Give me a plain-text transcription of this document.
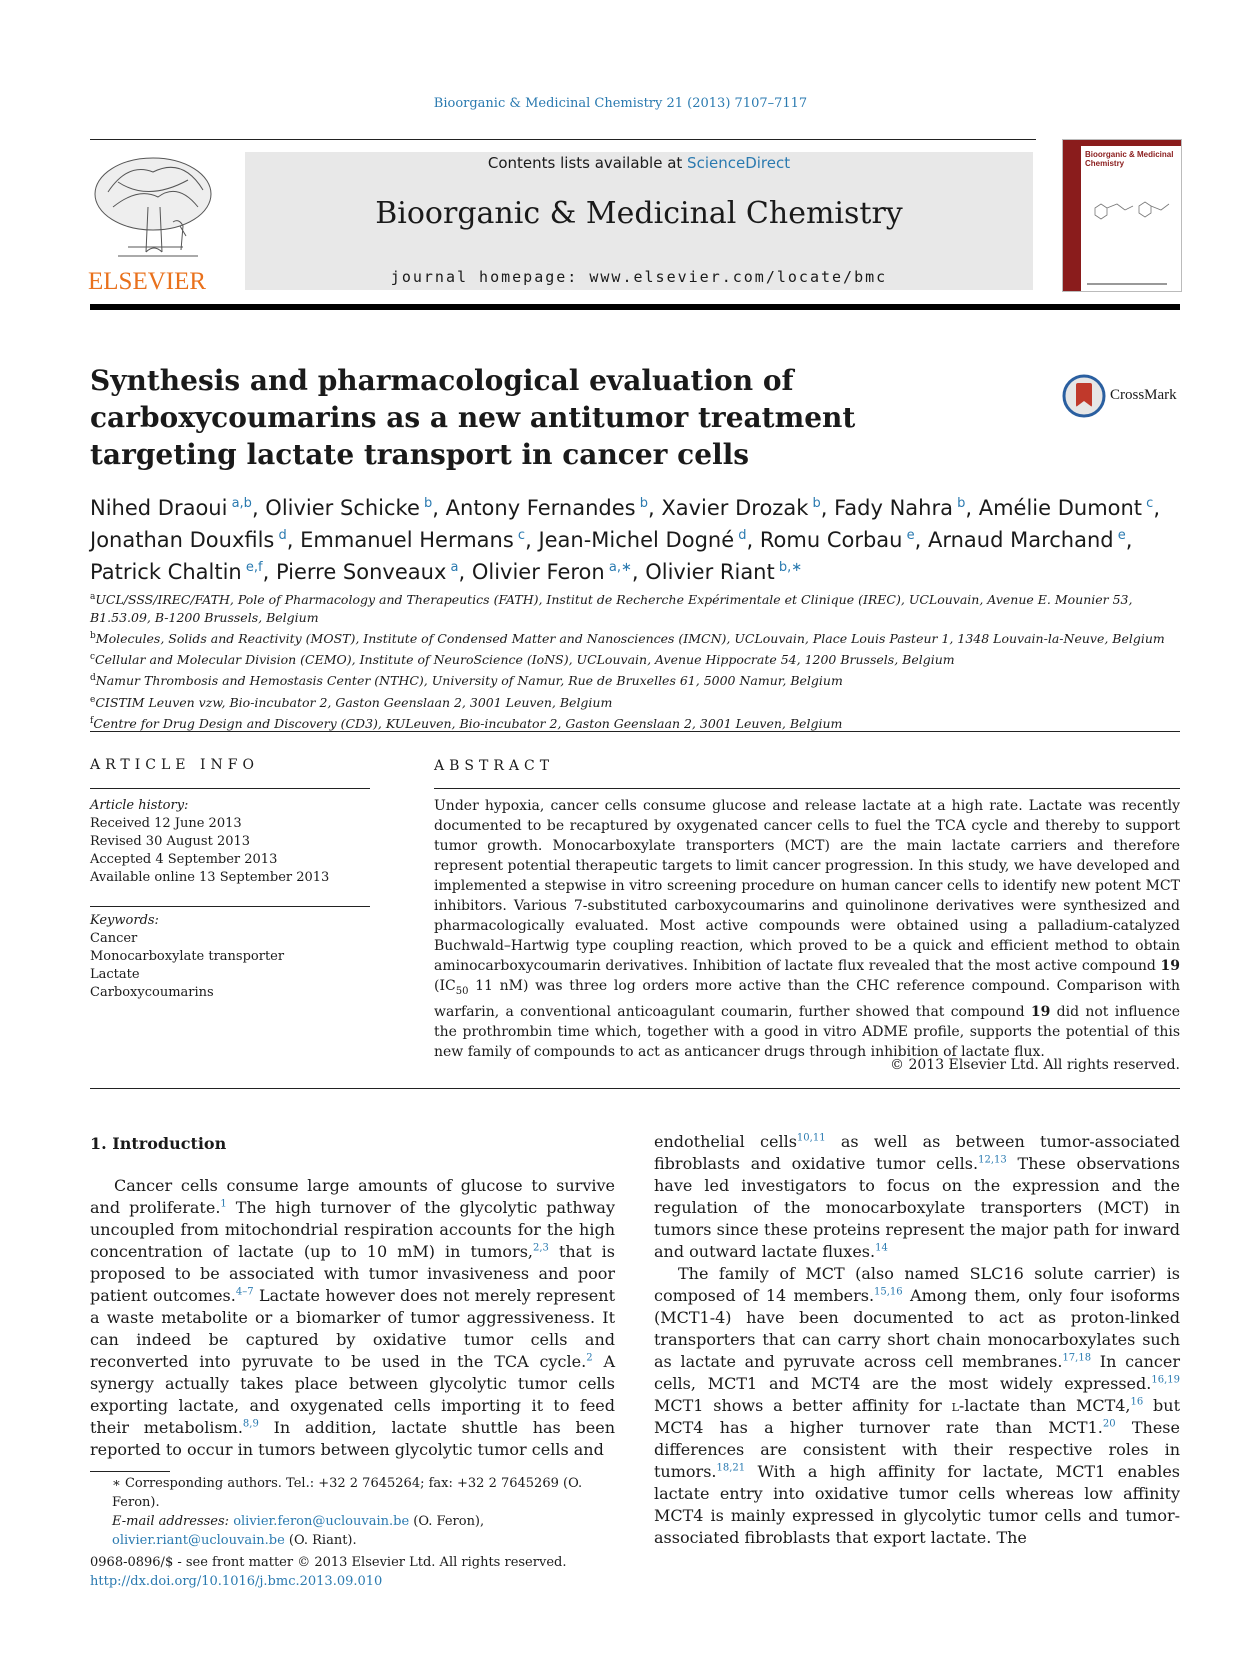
Bioorganic & Medicinal Chemistry 21 (2013) 7107–7117
ELSEVIER
Contents lists available at ScienceDirect
Bioorganic & Medicinal Chemistry
journal homepage: www.elsevier.com/locate/bmc
Bioorganic & Medicinal Chemistry
Synthesis and pharmacological evaluation of carboxycoumarins as a new antitumor treatment targeting lactate transport in cancer cells
CrossMark
Nihed Draoui $^{a,b}$, Olivier Schicke $^b$, Antony Fernandes $^b$, Xavier Drozak $^b$, Fady Nahra $^b$, Amélie Dumont $^c$, Jonathan Douxfils $^d$, Emmanuel Hermans $^c$, Jean-Michel Dogné $^d$, Romu Corbau $^e$, Arnaud Marchand $^e$, Patrick Chaltin $^{e,f}$, Pierre Sonveaux $^a$, Olivier Feron $^{a,∗}$, Olivier Riant $^{b,∗}$

$^a$UCL/SSS/IREC/FATH, Pole of Pharmacology and Therapeutics (FATH), Institut de Recherche Expérimentale et Clinique (IREC), UCLouvain, Avenue E. Mounier 53, B1.53.09, B-1200 Brussels, Belgium

$^b$Molecules, Solids and Reactivity (MOST), Institute of Condensed Matter and Nanosciences (IMCN), UCLouvain, Place Louis Pasteur 1, 1348 Louvain-la-Neuve, Belgium

$^c$Cellular and Molecular Division (CEMO), Institute of NeuroScience (IoNS), UCLouvain, Avenue Hippocrate 54, 1200 Brussels, Belgium

$^d$Namur Thrombosis and Hemostasis Center (NTHC), University of Namur, Rue de Bruxelles 61, 5000 Namur, Belgium

$^e$CISTIM Leuven vzw, Bio-incubator 2, Gaston Geenslaan 2, 3001 Leuven, Belgium

$^f$Centre for Drug Design and Discovery (CD3), KULeuven, Bio-incubator 2, Gaston Geenslaan 2, 3001 Leuven, Belgium

ARTICLE INFO
Article history:
Received 12 June 2013
Revised 30 August 2013
Accepted 4 September 2013
Available online 13 September 2013
Keywords:
Cancer
Monocarboxylate transporter
Lactate
Carboxycoumarins
ABSTRACT

Under hypoxia, cancer cells consume glucose and release lactate at a high rate. Lactate was recently documented to be recaptured by oxygenated cancer cells to fuel the TCA cycle and thereby to support tumor growth. Monocarboxylate transporters (MCT) are the main lactate carriers and therefore represent potential therapeutic targets to limit cancer progression. In this study, we have developed and implemented a stepwise in vitro screening procedure on human cancer cells to identify new potent MCT inhibitors. Various 7-substituted carboxycoumarins and quinolinone derivatives were synthesized and pharmacologically evaluated. Most active compounds were obtained using a palladium-catalyzed Buchwald–Hartwig type coupling reaction, which proved to be a quick and efficient method to obtain aminocarboxycoumarin derivatives. Inhibition of lactate flux revealed that the most active compound 19 ($IC_{50}$ 11 nM) was three log orders more active than the CHC reference compound. Comparison with warfarin, a conventional anticoagulant coumarin, further showed that compound 19 did not influence the prothrombin time which, together with a good in vitro ADME profile, supports the potential of this new family of compounds to act as anticancer drugs through inhibition of lactate flux.

© 2013 Elsevier Ltd. All rights reserved.
1. Introduction

Cancer cells consume large amounts of glucose to survive and proliferate.$^1$ The high turnover of the glycolytic pathway uncoupled from mitochondrial respiration accounts for the high concentration of lactate (up to 10 mM) in tumors,$^{2,3}$ that is proposed to be associated with tumor invasiveness and poor patient outcomes.$^{4-7}$ Lactate however does not merely represent a waste metabolite or a biomarker of tumor aggressiveness. It can indeed be captured by oxidative tumor cells and reconverted into pyruvate to be used in the TCA cycle.$^2$ A synergy actually takes place between glycolytic tumor cells exporting lactate, and oxygenated cells importing it to feed their metabolism.$^{8,9}$ In addition, lactate shuttle has been reported to occur in tumors between glycolytic tumor cells and

endothelial cells$^{10,11}$ as well as between tumor-associated fibroblasts and oxidative tumor cells.$^{12,13}$ These observations have led investigators to focus on the expression and the regulation of the monocarboxylate transporters (MCT) in tumors since these proteins represent the major path for inward and outward lactate fluxes.$^{14}$

The family of MCT (also named SLC16 solute carrier) is composed of 14 members.$^{15,16}$ Among them, only four isoforms (MCT1-4) have been documented to act as proton-linked transporters that can carry short chain monocarboxylates such as lactate and pyruvate across cell membranes.$^{17,18}$ In cancer cells, MCT1 and MCT4 are the most widely expressed.$^{16,19}$ MCT1 shows a better affinity for l-lactate than MCT4,16 but MCT4 has a higher turnover rate than MCT1.20 These differences are consistent with their respective roles in tumors.$^{18,21}$ With a high affinity for lactate, MCT1 enables lactate entry into oxidative tumor cells whereas low affinity MCT4 is mainly expressed in glycolytic tumor cells and tumor-associated fibroblasts that export lactate. The

∗ Corresponding authors. Tel.: +32 2 7645264; fax: +32 2 7645269 (O. Feron).
E-mail addresses: olivier.feron@uclouvain.be (O. Feron), olivier.riant@uclouvain.be (O. Riant).
0968-0896/$ - see front matter © 2013 Elsevier Ltd. All rights reserved.
http://dx.doi.org/10.1016/j.bmc.2013.09.010
